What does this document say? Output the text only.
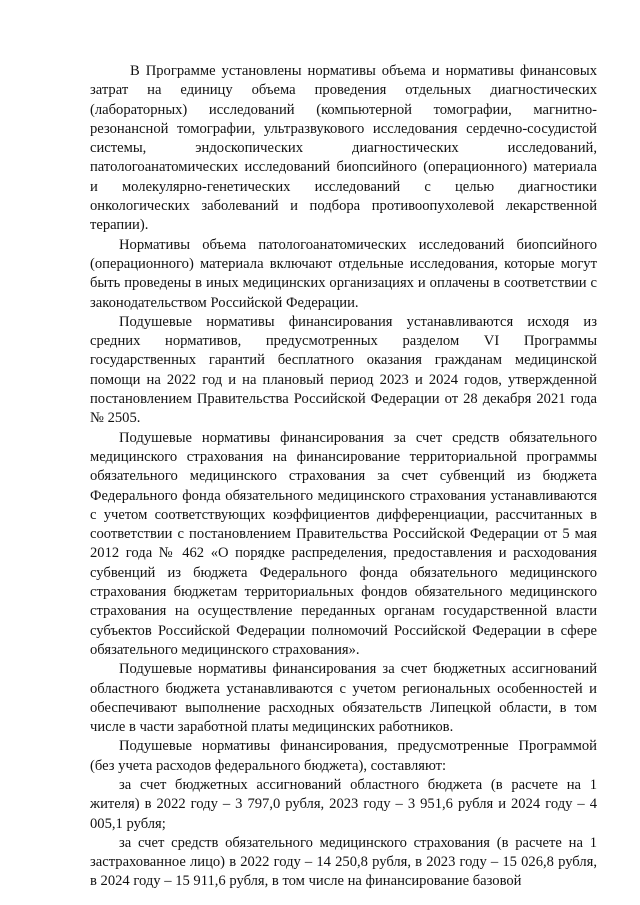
В Программе установлены нормативы объема и нормативы финансовых затрат на единицу объема проведения отдельных диагностических (лабораторных) исследований (компьютерной томографии, магнитно-резонансной томографии, ультразвукового исследования сердечно-сосудистой системы, эндоскопических диагностических исследований, патологоанатомических исследований биопсийного (операционного) материала и молекулярно-генетических исследований с целью диагностики онкологических заболеваний и подбора противоопухолевой лекарственной терапии).

Нормативы объема патологоанатомических исследований биопсийного (операционного) материала включают отдельные исследования, которые могут быть проведены в иных медицинских организациях и оплачены в соответствии с законодательством Российской Федерации.

Подушевые нормативы финансирования устанавливаются исходя из средних нормативов, предусмотренных разделом VI Программы государственных гарантий бесплатного оказания гражданам медицинской помощи на 2022 год и на плановый период 2023 и 2024 годов, утвержденной постановлением Правительства Российской Федерации от 28 декабря 2021 года № 2505.

Подушевые нормативы финансирования за счет средств обязательного медицинского страхования на финансирование территориальной программы обязательного медицинского страхования за счет субвенций из бюджета Федерального фонда обязательного медицинского страхования устанавливаются с учетом соответствующих коэффициентов дифференциации, рассчитанных в соответствии с постановлением Правительства Российской Федерации от 5 мая 2012 года № 462 «О порядке распределения, предоставления и расходования субвенций из бюджета Федерального фонда обязательного медицинского страхования бюджетам территориальных фондов обязательного медицинского страхования на осуществление переданных органам государственной власти субъектов Российской Федерации полномочий Российской Федерации в сфере обязательного медицинского страхования».

Подушевые нормативы финансирования за счет бюджетных ассигнований областного бюджета устанавливаются с учетом региональных особенностей и обеспечивают выполнение расходных обязательств Липецкой области, в том числе в части заработной платы медицинских работников.

Подушевые нормативы финансирования, предусмотренные Программой (без учета расходов федерального бюджета), составляют:

за счет бюджетных ассигнований областного бюджета (в расчете на 1 жителя) в 2022 году – 3 797,0 рубля, 2023 году – 3 951,6 рубля и 2024 году – 4 005,1 рубля;

за счет средств обязательного медицинского страхования (в расчете на 1 застрахованное лицо) в 2022 году – 14 250,8 рубля, в 2023 году – 15 026,8 рубля, в 2024 году – 15 911,6 рубля, в том числе на финансирование базовой
